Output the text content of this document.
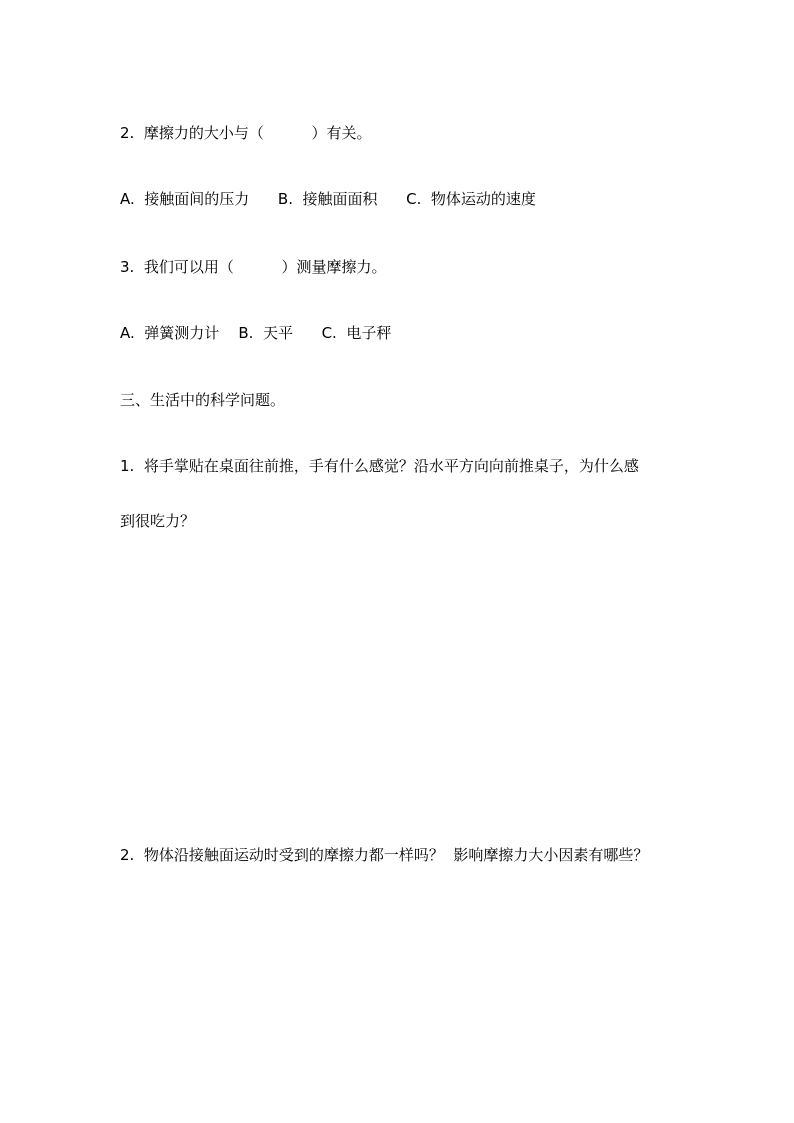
2.  摩擦力的大小与（          ）有关。

A.  接触面间的压力      B.  接触面面积      C.  物体运动的速度

3.  我们可以用（          ）测量摩擦力。

A.  弹簧测力计    B.  天平      C.  电子秤

三、生活中的科学问题。

1.  将手掌贴在桌面往前推，手有什么感觉？沿水平方向向前推桌子，为什么感

到很吃力？

2.  物体沿接触面运动时受到的摩擦力都一样吗？  影响摩擦力大小因素有哪些？
